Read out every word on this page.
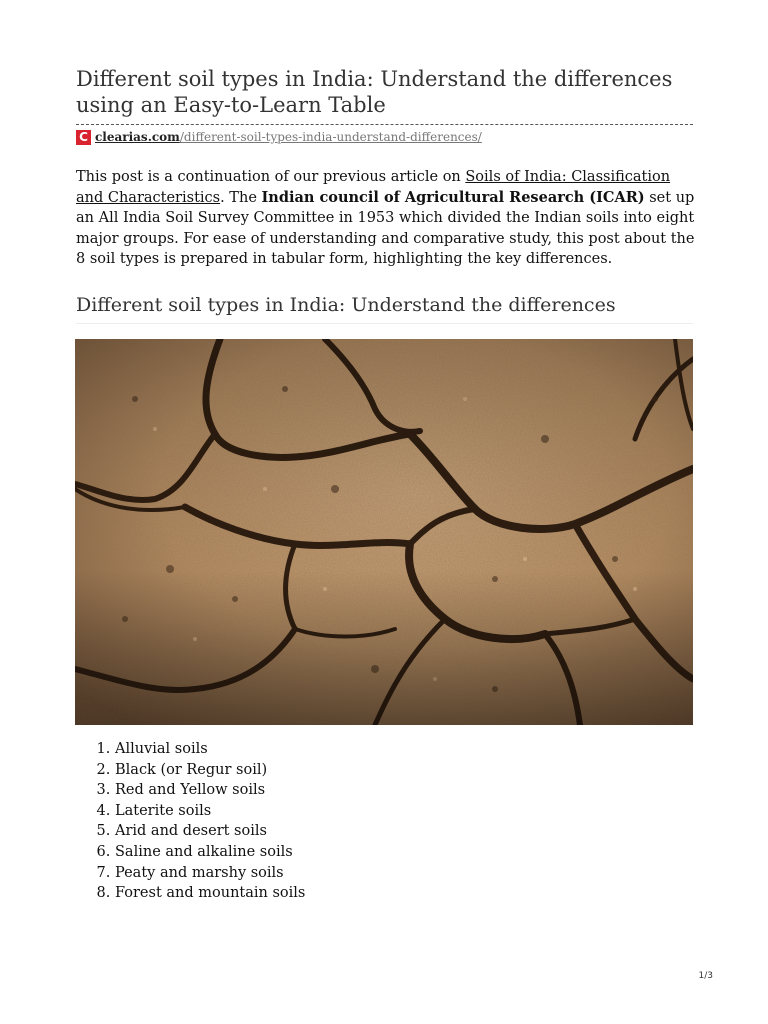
Different soil types in India: Understand the differences using an Easy-to-Learn Table
C clearias.com /different-soil-types-india-understand-differences/

This post is a continuation of our previous article on Soils of India: Classification and Characteristics. The Indian council of Agricultural Research (ICAR) set up an All India Soil Survey Committee in 1953 which divided the Indian soils into eight major groups. For ease of understanding and comparative study, this post about the 8 soil types is prepared in tabular form, highlighting the key differences.

Different soil types in India: Understand the differences
1. Alluvial soils
2. Black (or Regur soil)
3. Red and Yellow soils
4. Laterite soils
5. Arid and desert soils
6. Saline and alkaline soils
7. Peaty and marshy soils
8. Forest and mountain soils
1/3
